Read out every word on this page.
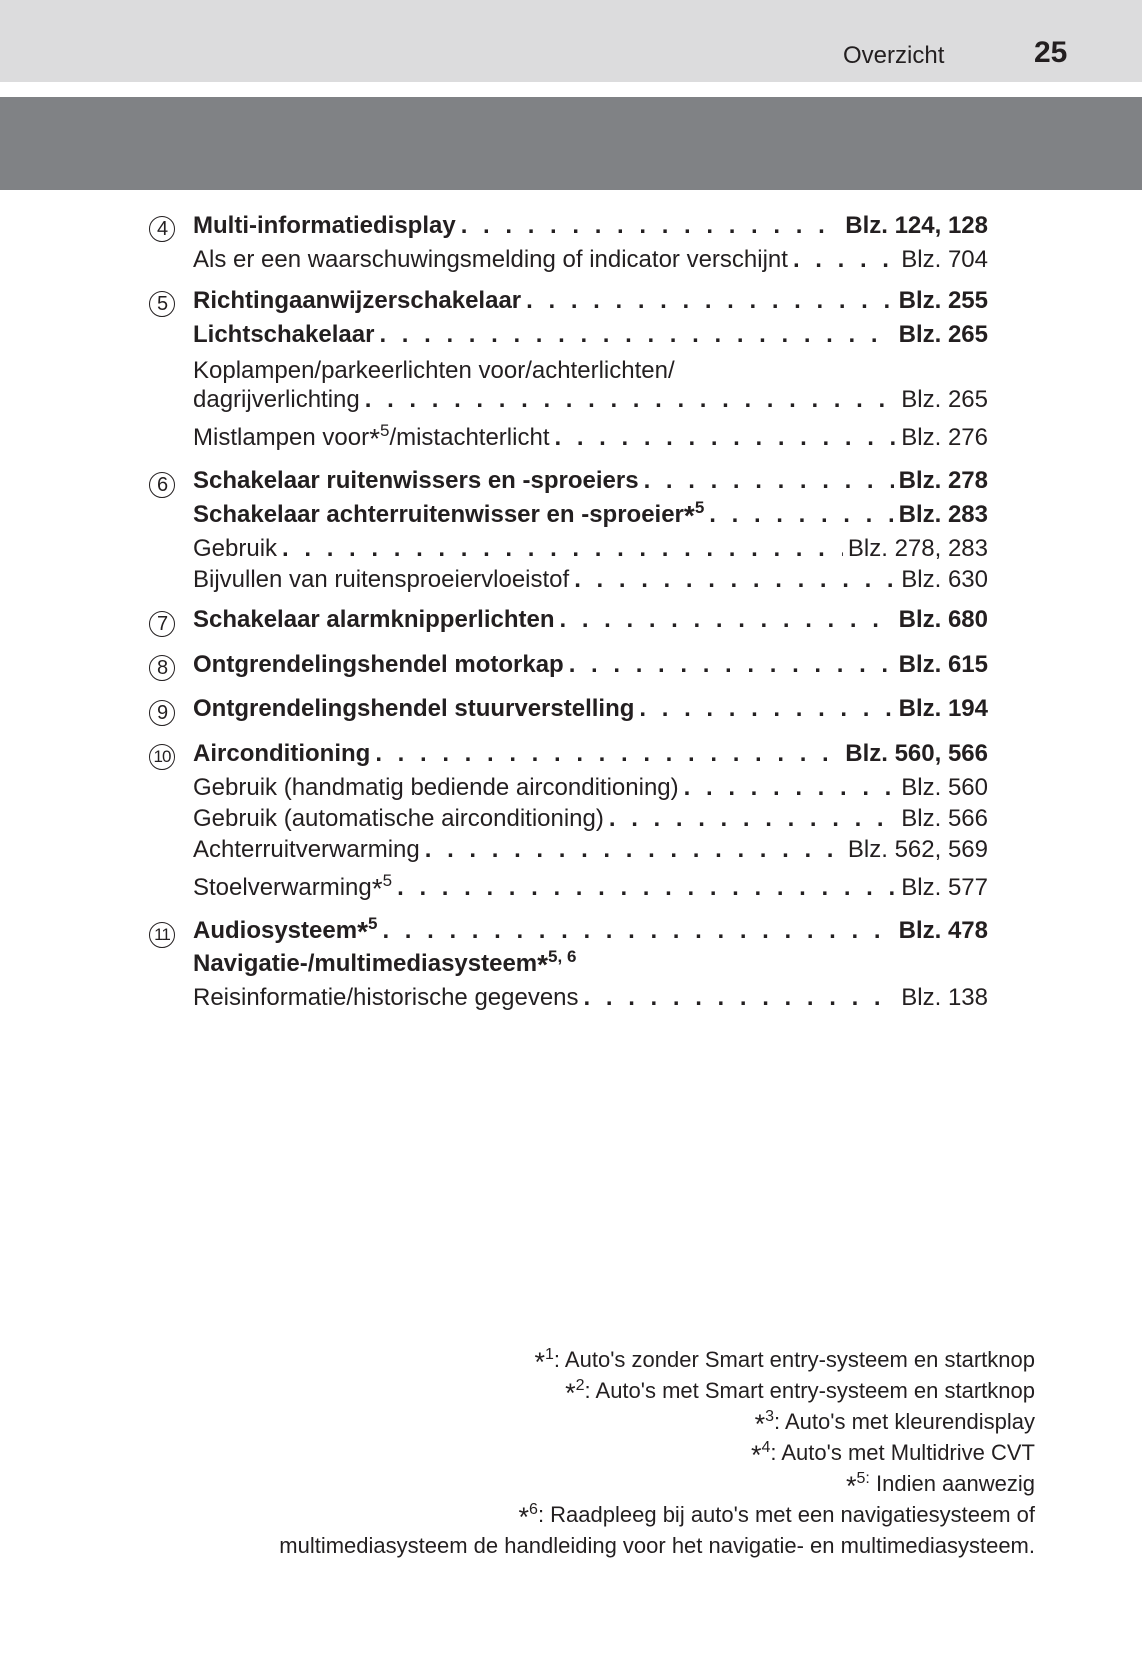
Overzicht	25
4	Multi-informatiedisplay . . .	Blz. 124, 128
Als er een waarschuwingsmelding of indicator verschijnt . . .	Blz. 704
5	Richtingaanwijzerschakelaar . . .	Blz. 255
Lichtschakelaar . . .	Blz. 265
Koplampen/parkeerlichten voor/achterlichten/
dagrijverlichting . . .	Blz. 265
Mistlampen voor*$^5$/mistachterlicht . . .	Blz. 276
6	Schakelaar ruitenwissers en -sproeiers . . .	Blz. 278
Schakelaar achterruitenwisser en -sproeier*$^5$ . . .	Blz. 283
Gebruik . . .	Blz. 278, 283
Bijvullen van ruitensproeiervloeistof . . .	Blz. 630
7	Schakelaar alarmknipperlichten . . .	Blz. 680
8	Ontgrendelingshendel motorkap . . .	Blz. 615
9	Ontgrendelingshendel stuurverstelling . . .	Blz. 194
10 Airconditioning . . .	Blz. 560, 566
Gebruik (handmatig bediende airconditioning) . . .	Blz. 560
Gebruik (automatische airconditioning) . . .	Blz. 566
Achterruitverwarming . . .	Blz. 562, 569
Stoelverwarming*$^5$ . . .	Blz. 577
11 Audiosysteem*$^5$ . . .	Blz. 478
Navigatie-/multimediasysteem*$^{5, 6}$
Reisinformatie/historische gegevens . . .	Blz. 138
*$^1$: Auto's zonder Smart entry-systeem en startknop
*$^2$: Auto's met Smart entry-systeem en startknop
*$^3$: Auto's met kleurendisplay
*$^4$: Auto's met Multidrive CVT
*$^{5:}$ Indien aanwezig
*$^6$: Raadpleeg bij auto's met een navigatiesysteem of
multimediasysteem de handleiding voor het navigatie- en multimediasysteem.
